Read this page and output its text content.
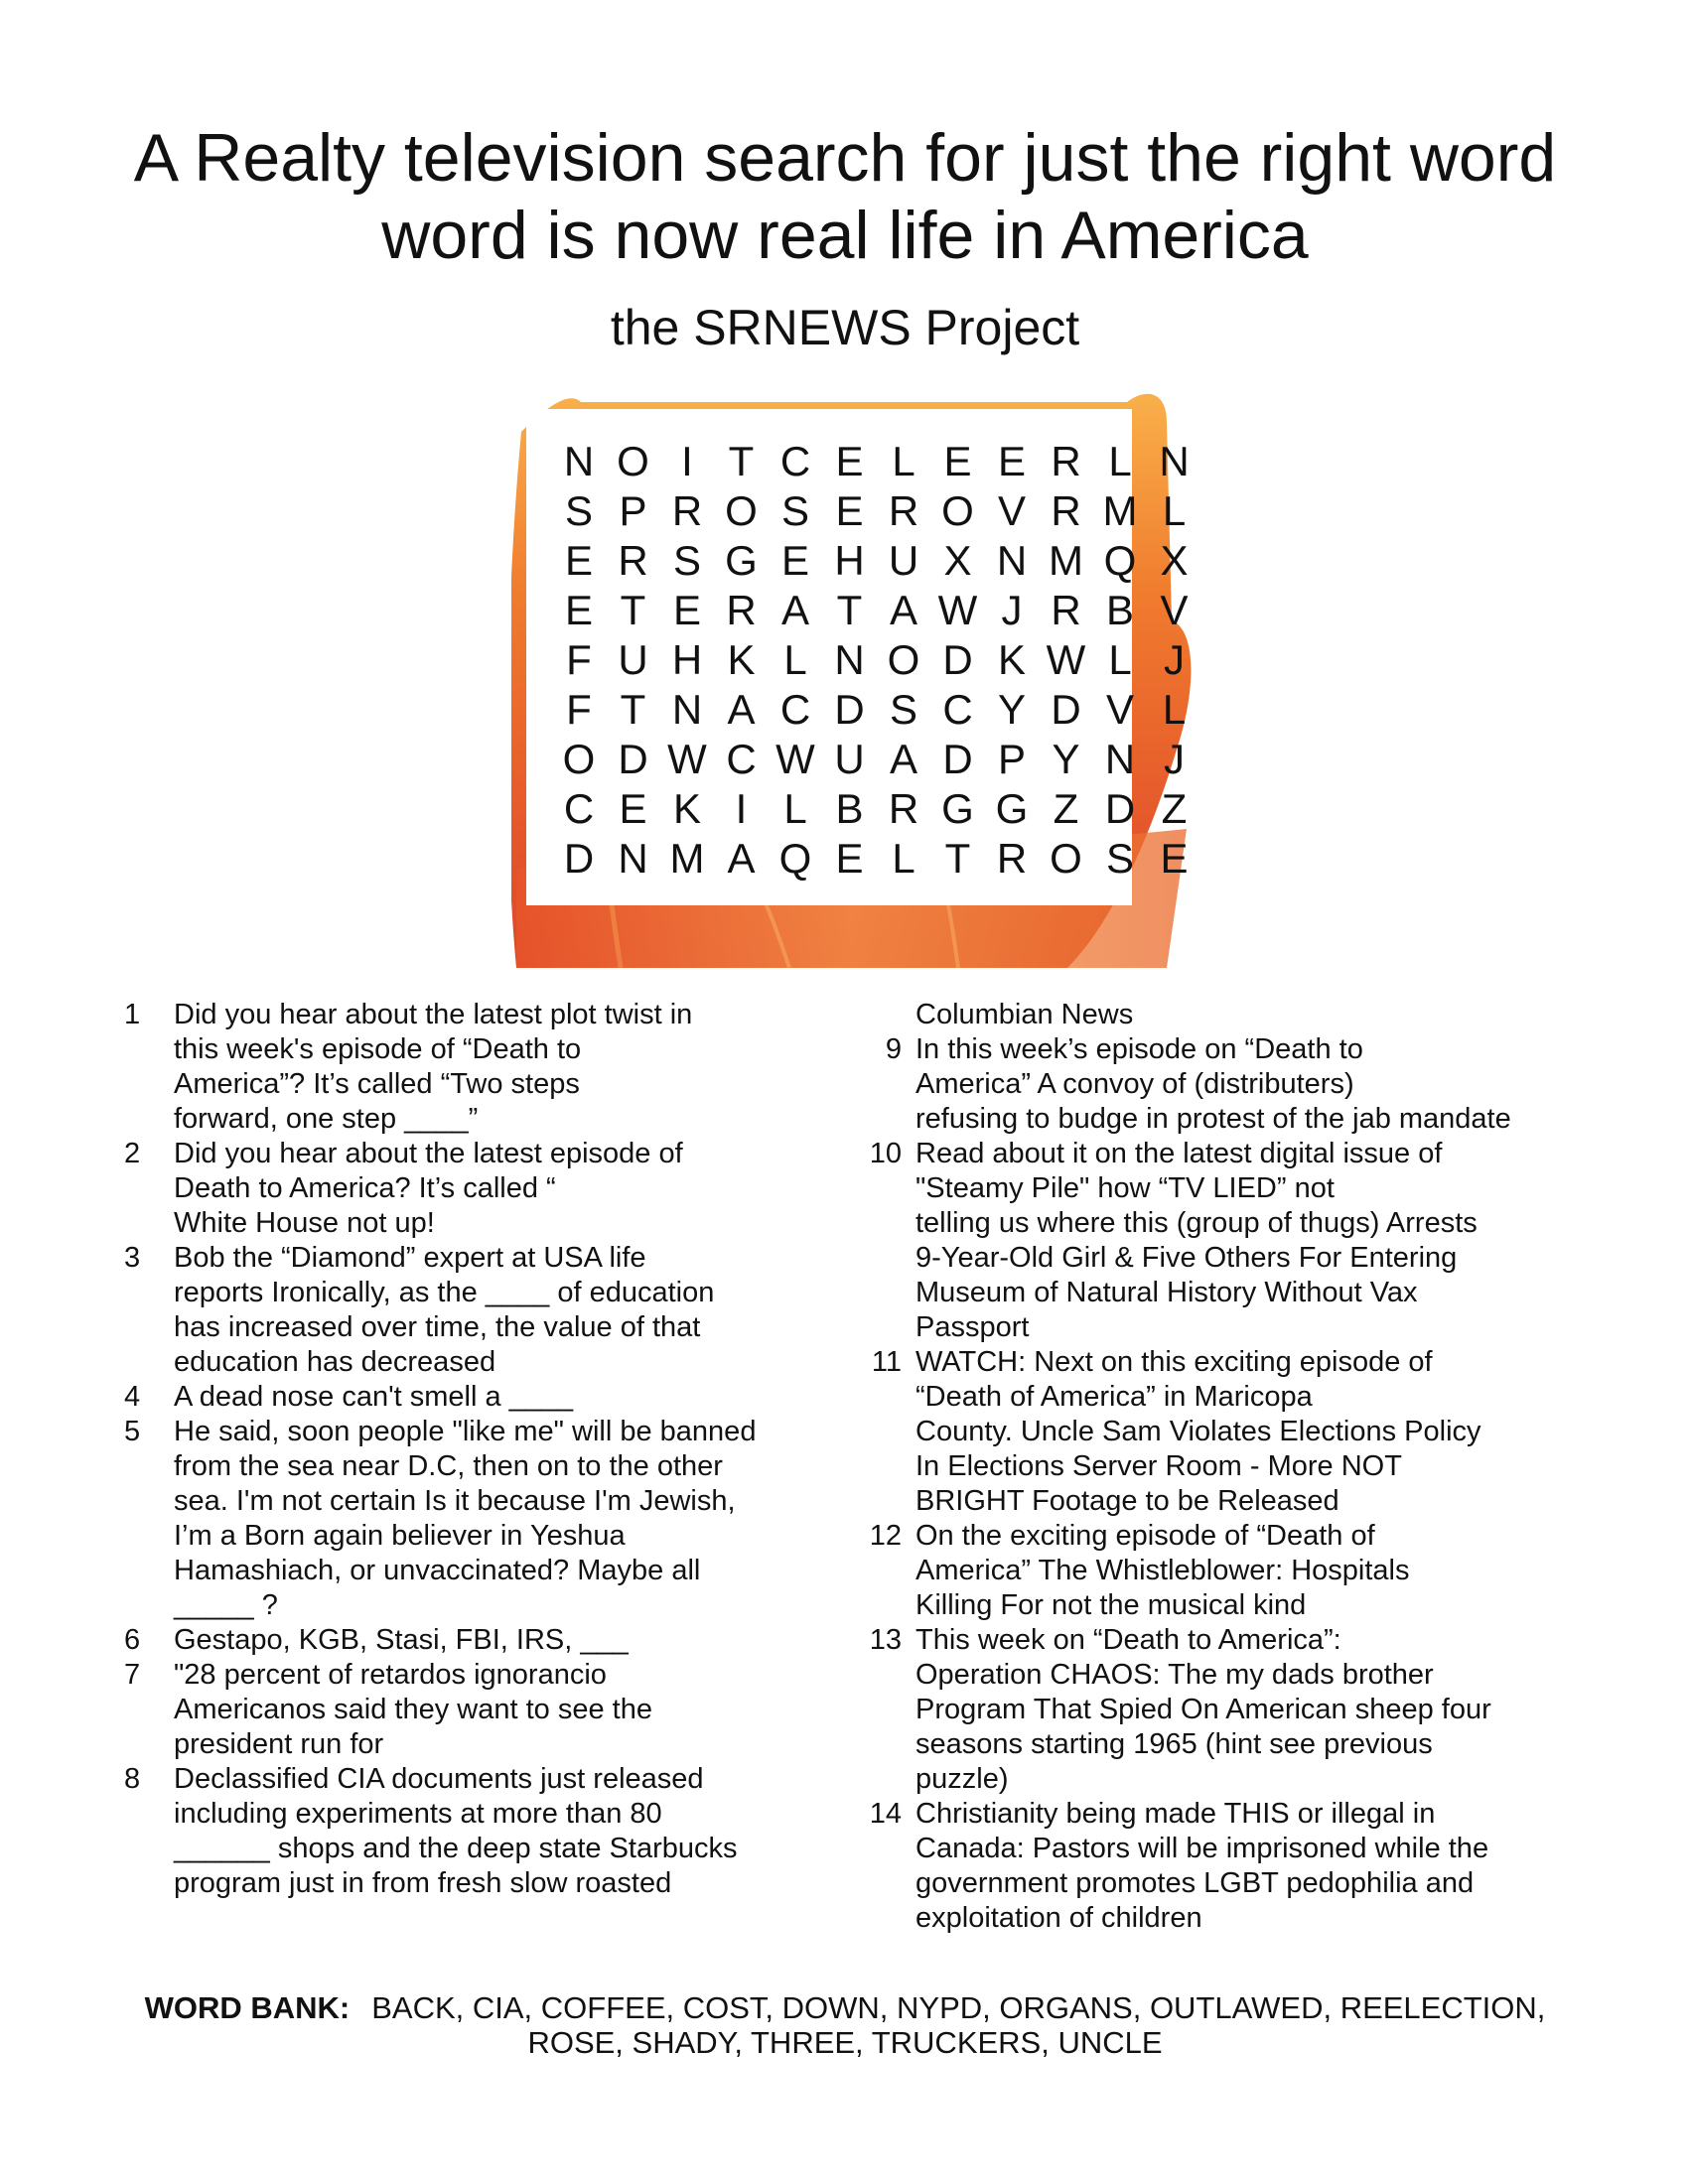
A Realty television search for just the right word
word is now real life in America
the SRNEWS Project
N O I T C E L E E R L N
S P R O S E R O V R M L
E R S G E H U X N M Q X
E T E R A T A W J R B V
F U H K L N O D K W L J
F T N A C D S C Y D V L
O D W C W U A D P Y N J
C E K I L B R G G Z D Z
D N M A Q E L T R O S E
1	Did you hear about the latest plot twist in
this week's episode of “Death to
America”? It’s called “Two steps
forward, one step ____”
2	Did you hear about the latest episode of
Death to America? It’s called “
White House not up!
3	Bob the “Diamond” expert at USA life
reports Ironically, as the ____ of education
has increased over time, the value of that
education has decreased
4	A dead nose can't smell a ____
5	He said, soon people "like me" will be banned
from the sea near D.C, then on to the other
sea. I'm not certain Is it because I'm Jewish,
I’m a Born again believer in Yeshua
Hamashiach, or unvaccinated? Maybe all
_____ ?
6	Gestapo, KGB, Stasi, FBI, IRS, ___
7	"28 percent of retardos ignorancio
Americanos said they want to see the
president run for
8	Declassified CIA documents just released
including experiments at more than 80
______ shops and the deep state Starbucks
program just in from fresh slow roasted
Columbian News
9 In this week’s episode on “Death to
America” A convoy of (distributers)
refusing to budge in protest of the jab mandate
10 Read about it on the latest digital issue of
"Steamy Pile" how “TV LIED” not
telling us where this (group of thugs) Arrests
9-Year-Old Girl & Five Others For Entering
Museum of Natural History Without Vax
Passport
11 WATCH: Next on this exciting episode of
“Death of America” in Maricopa
County. Uncle Sam Violates Elections Policy
In Elections Server Room - More NOT
BRIGHT Footage to be Released
12 On the exciting episode of “Death of
America” The Whistleblower: Hospitals
Killing For not the musical kind
13 This week on “Death to America”:
Operation CHAOS: The my dads brother
Program That Spied On American sheep four
seasons starting 1965 (hint see previous
puzzle)
14 Christianity being made THIS or illegal in
Canada: Pastors will be imprisoned while the
government promotes LGBT pedophilia and
exploitation of children
WORD BANK: BACK, CIA, COFFEE, COST, DOWN, NYPD, ORGANS, OUTLAWED, REELECTION,
ROSE, SHADY, THREE, TRUCKERS, UNCLE
